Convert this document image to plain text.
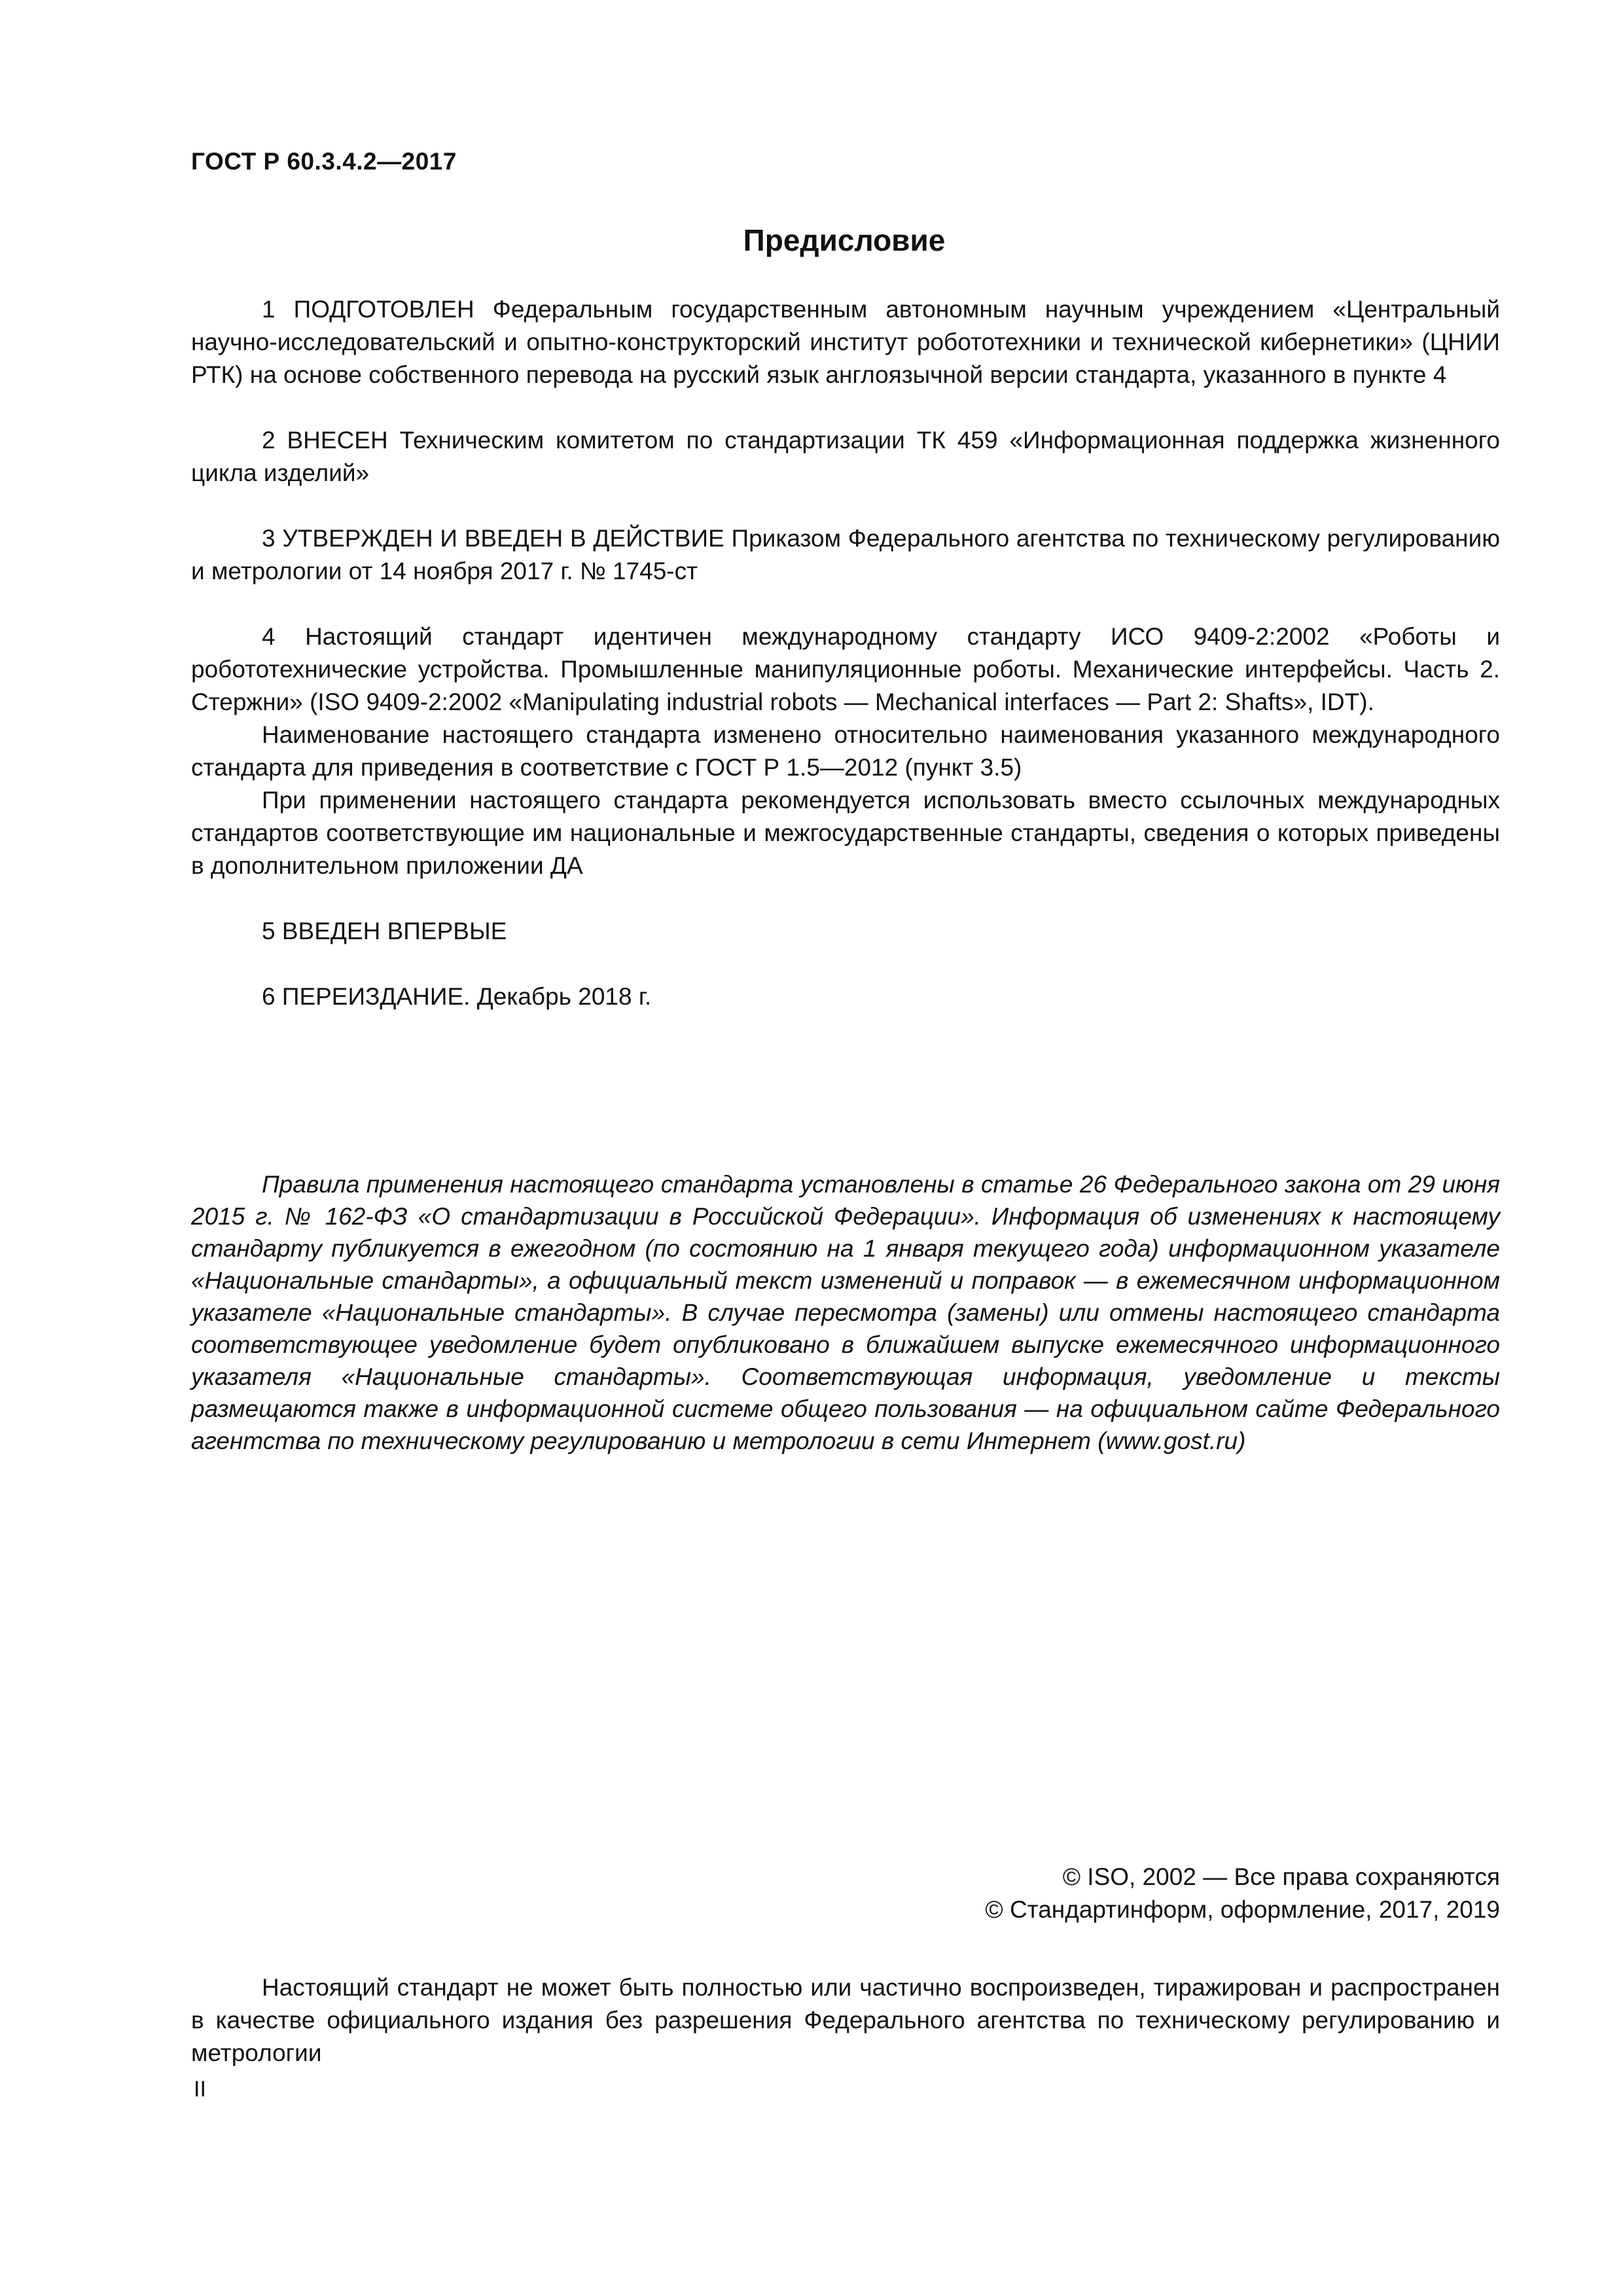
ГОСТ Р 60.3.4.2—2017
Предисловие

1 ПОДГОТОВЛЕН Федеральным государственным автономным научным учреждением «Центральный научно-исследовательский и опытно-конструкторский институт робототехники и технической кибернетики» (ЦНИИ РТК) на основе собственного перевода на русский язык англоязычной версии стандарта, указанного в пункте 4

2 ВНЕСЕН Техническим комитетом по стандартизации ТК 459 «Информационная поддержка жизненного цикла изделий»

3 УТВЕРЖДЕН И ВВЕДЕН В ДЕЙСТВИЕ Приказом Федерального агентства по техническому регулированию и метрологии от 14 ноября 2017 г. № 1745-ст

4 Настоящий стандарт идентичен международному стандарту ИСО 9409-2:2002 «Роботы и робототехнические устройства. Промышленные манипуляционные роботы. Механические интерфейсы. Часть 2. Стержни» (ISO 9409-2:2002 «Manipulating industrial robots — Mechanical interfaces — Part 2: Shafts», IDT).

Наименование настоящего стандарта изменено относительно наименования указанного международного стандарта для приведения в соответствие с ГОСТ Р 1.5—2012 (пункт 3.5)

При применении настоящего стандарта рекомендуется использовать вместо ссылочных международных стандартов соответствующие им национальные и межгосударственные стандарты, сведения о которых приведены в дополнительном приложении ДА

5 ВВЕДЕН ВПЕРВЫЕ

6 ПЕРЕИЗДАНИЕ. Декабрь 2018 г.

Правила применения настоящего стандарта установлены в статье 26 Федерального закона от 29 июня 2015 г. № 162-ФЗ «О стандартизации в Российской Федерации». Информация об изменениях к настоящему стандарту публикуется в ежегодном (по состоянию на 1 января текущего года) информационном указателе «Национальные стандарты», а официальный текст изменений и поправок — в ежемесячном информационном указателе «Национальные стандарты». В случае пересмотра (замены) или отмены настоящего стандарта соответствующее уведомление будет опубликовано в ближайшем выпуске ежемесячного информационного указателя «Национальные стандарты». Соответствующая информация, уведомление и тексты размещаются также в информационной системе общего пользования — на официальном сайте Федерального агентства по техническому регулированию и метрологии в сети Интернет (www.gost.ru)

© ISO, 2002 — Все права сохраняются
© Стандартинформ, оформление, 2017, 2019

Настоящий стандарт не может быть полностью или частично воспроизведен, тиражирован и распространен в качестве официального издания без разрешения Федерального агентства по техническому регулированию и метрологии

II
